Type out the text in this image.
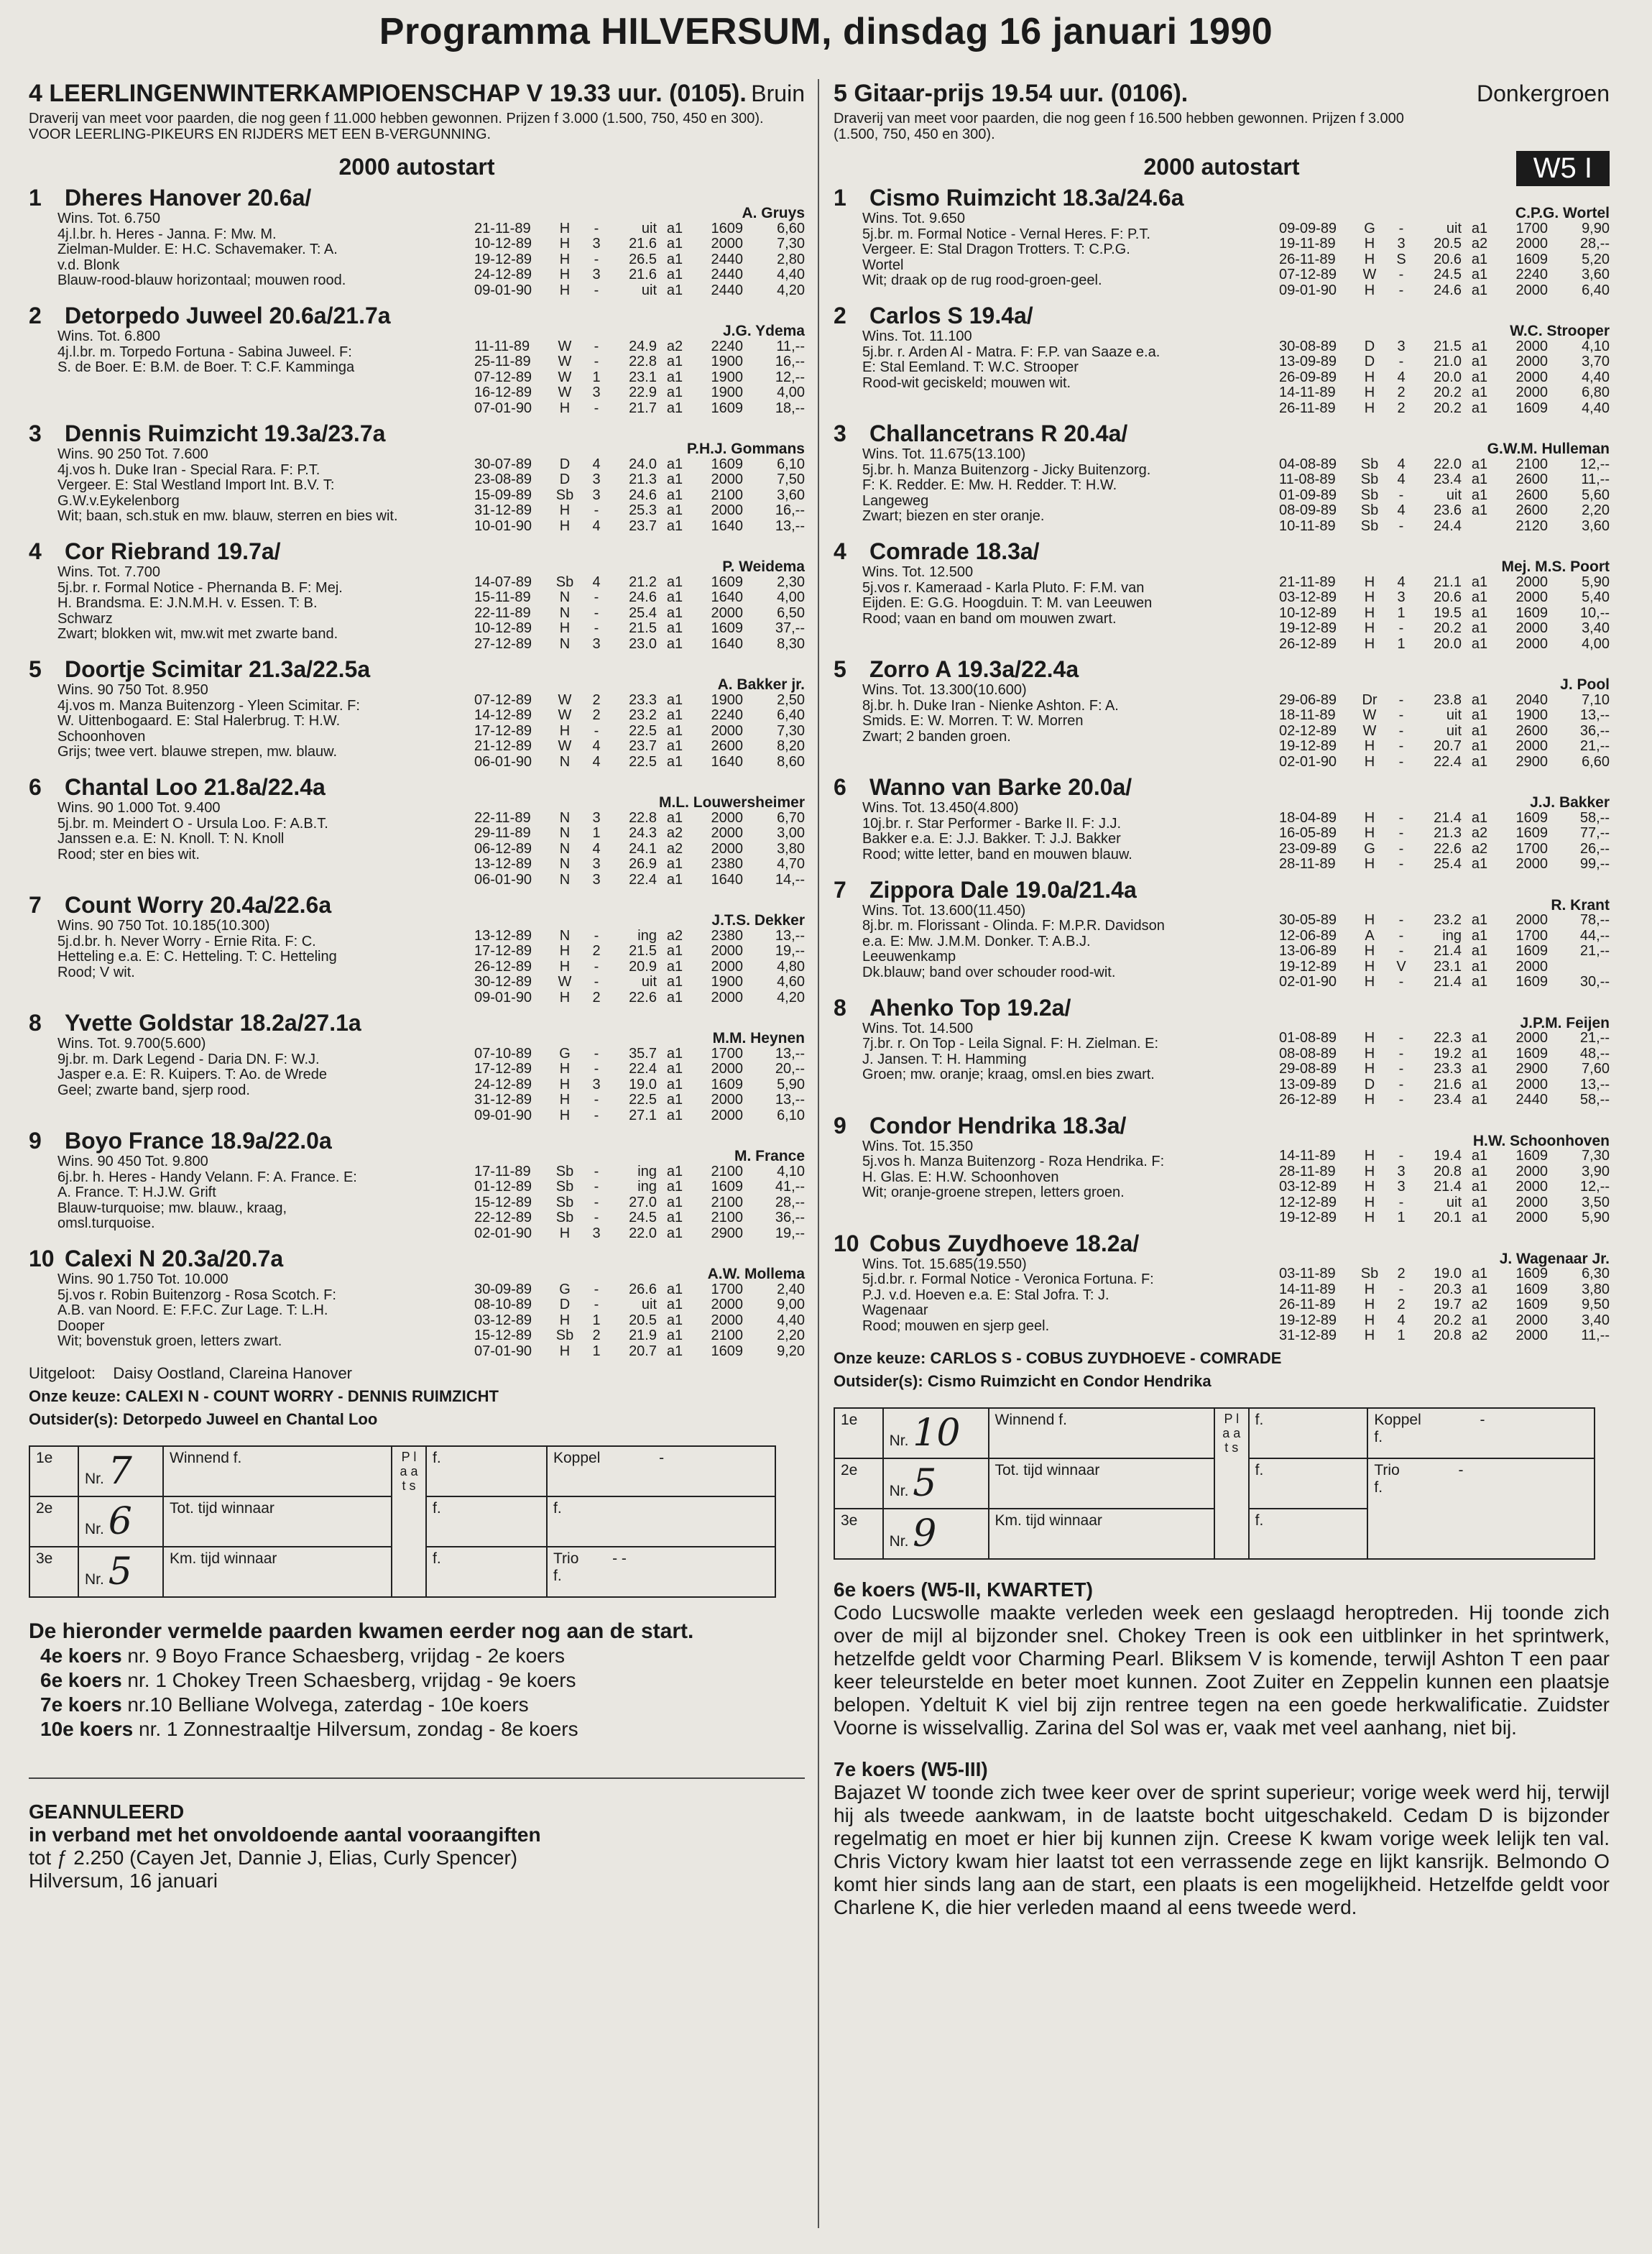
Programma HILVERSUM, dinsdag 16 januari 1990
Bruin
4 LEERLINGENWINTERKAMPIOENSCHAP V 19.33 uur. (0105).
Draverij van meet voor paarden, die nog geen f 11.000 hebben gewonnen. Prijzen f 3.000 (1.500, 750, 450 en 300). VOOR LEERLING-PIKEURS EN RIJDERS MET EEN B-VERGUNNING.
2000 autostart
1	Dheres Hanover 20.6a/
Wins. Tot. 6.750
4j.l.br. h. Heres - Janna. F: Mw. M.
Zielman-Mulder. E: H.C. Schavemaker. T: A.
v.d. Blonk
Blauw-rood-blauw horizontaal; mouwen rood.
A. Gruys
21-11-89	H	-	uit a1	1609	6,60
10-12-89	H	3	21.6 a1	2000	7,30
19-12-89	H	-	26.5 a1	2440	2,80
24-12-89	H	3	21.6 a1	2440	4,40
09-01-90	H	-	uit a1	2440	4,20
2	Detorpedo Juweel 20.6a/21.7a
Wins. Tot. 6.800
4j.l.br. m. Torpedo Fortuna - Sabina Juweel. F:
S. de Boer. E: B.M. de Boer. T: C.F. Kamminga
J.G. Ydema
11-11-89	W	-	24.9 a2	2240	11,--
25-11-89	W	-	22.8 a1	1900	16,--
07-12-89	W	1	23.1 a1	1900	12,--
16-12-89	W	3	22.9 a1	1900	4,00
07-01-90	H	-	21.7 a1	1609	18,--
3	Dennis Ruimzicht 19.3a/23.7a
Wins. 90 250 Tot. 7.600
4j.vos h. Duke Iran - Special Rara. F: P.T.
Vergeer. E: Stal Westland Import Int. B.V. T:
G.W.v.Eykelenborg
Wit; baan, sch.stuk en mw. blauw, sterren en bies wit.
P.H.J. Gommans
30-07-89	D	4	24.0 a1	1609	6,10
23-08-89	D	3	21.3 a1	2000	7,50
15-09-89	Sb	3	24.6 a1	2100	3,60
31-12-89	H	-	25.3 a1	2000	16,--
10-01-90	H	4	23.7 a1	1640	13,--
4	Cor Riebrand 19.7a/
Wins. Tot. 7.700
5j.br. r. Formal Notice - Phernanda B. F: Mej.
H. Brandsma. E: J.N.M.H. v. Essen. T: B.
Schwarz
Zwart; blokken wit, mw.wit met zwarte band.
P. Weidema
14-07-89	Sb	4	21.2 a1	1609	2,30
15-11-89	N	-	24.6 a1	1640	4,00
22-11-89	N	-	25.4 a1	2000	6,50
10-12-89	H	-	21.5 a1	1609	37,--
27-12-89	N	3	23.0 a1	1640	8,30
5	Doortje Scimitar 21.3a/22.5a
Wins. 90 750 Tot. 8.950
4j.vos m. Manza Buitenzorg - Yleen Scimitar. F:
W. Uittenbogaard. E: Stal Halerbrug. T: H.W.
Schoonhoven
Grijs; twee vert. blauwe strepen, mw. blauw.
A. Bakker jr.
07-12-89	W	2	23.3 a1	1900	2,50
14-12-89	W	2	23.2 a1	2240	6,40
17-12-89	H	-	22.5 a1	2000	7,30
21-12-89	W	4	23.7 a1	2600	8,20
06-01-90	N	4	22.5 a1	1640	8,60
6	Chantal Loo 21.8a/22.4a
Wins. 90 1.000 Tot. 9.400
5j.br. m. Meindert O - Ursula Loo. F: A.B.T.
Janssen e.a. E: N. Knoll. T: N. Knoll
Rood; ster en bies wit.
M.L. Louwersheimer
22-11-89	N	3	22.8 a1	2000	6,70
29-11-89	N	1	24.3 a2	2000	3,00
06-12-89	N	4	24.1 a2	2000	3,80
13-12-89	N	3	26.9 a1	2380	4,70
06-01-90	N	3	22.4 a1	1640	14,--
7	Count Worry 20.4a/22.6a
Wins. 90 750 Tot. 10.185(10.300)
5j.d.br. h. Never Worry - Ernie Rita. F: C.
Hetteling e.a. E: C. Hetteling. T: C. Hetteling
Rood; V wit.
J.T.S. Dekker
13-12-89	N	-	ing a2	2380	13,--
17-12-89	H	2	21.5 a1	2000	19,--
26-12-89	H	-	20.9 a1	2000	4,80
30-12-89	W	-	uit a1	1900	4,60
09-01-90	H	2	22.6 a1	2000	4,20
8	Yvette Goldstar 18.2a/27.1a
Wins. Tot. 9.700(5.600)
9j.br. m. Dark Legend - Daria DN. F: W.J.
Jasper e.a. E: R. Kuipers. T: Ao. de Wrede
Geel; zwarte band, sjerp rood.
M.M. Heynen
07-10-89	G	-	35.7 a1	1700	13,--
17-12-89	H	-	22.4 a1	2000	20,--
24-12-89	H	3	19.0 a1	1609	5,90
31-12-89	H	-	22.5 a1	2000	13,--
09-01-90	H	-	27.1 a1	2000	6,10
9	Boyo France 18.9a/22.0a
Wins. 90 450 Tot. 9.800
6j.br. h. Heres - Handy Velann. F: A. France. E:
A. France. T: H.J.W. Grift
Blauw-turquoise; mw. blauw., kraag,
omsl.turquoise.
M. France
17-11-89	Sb	-	ing a1	2100	4,10
01-12-89	Sb	-	ing a1	1609	41,--
15-12-89	Sb	-	27.0 a1	2100	28,--
22-12-89	Sb	-	24.5 a1	2100	36,--
02-01-90	H	3	22.0 a1	2900	19,--
10 Calexi N 20.3a/20.7a
Wins. 90 1.750 Tot. 10.000
5j.vos r. Robin Buitenzorg - Rosa Scotch. F:
A.B. van Noord. E: F.F.C. Zur Lage. T: L.H.
Dooper
Wit; bovenstuk groen, letters zwart.
A.W. Mollema
30-09-89	G	-	26.6 a1	1700	2,40
08-10-89	D	-	uit a1	2000	9,00
03-12-89	H	1	20.5 a1	2000	4,40
15-12-89	Sb	2	21.9 a1	2100	2,20
07-01-90	H	1	20.7 a1	1609	9,20
Uitgeloot: Daisy Oostland, Clareina Hanover
Onze keuze: CALEXI N - COUNT WORRY - DENNIS RUIMZICHT
Outsider(s): Detorpedo Juweel en Chantal Loo
1e	Nr. 7	Winnend f.	P l a a t s	f.	Koppel -
2e	Nr. 6	Tot. tijd winnaar		f.	f.
3e	Nr. 5	Km. tijd winnaar		f.	Trio - -
f.
De hieronder vermelde paarden kwamen eerder nog aan de start.
4e koers nr. 9 Boyo France Schaesberg, vrijdag - 2e koers
6e koers nr. 1 Chokey Treen Schaesberg, vrijdag - 9e koers
7e koers nr.10 Belliane Wolvega, zaterdag - 10e koers
10e koers nr. 1 Zonnestraaltje Hilversum, zondag - 8e koers
GEANNULEERD
in verband met het onvoldoende aantal vooraangiften
tot ƒ 2.250 (Cayen Jet, Dannie J, Elias, Curly Spencer)
Hilversum, 16 januari
Donkergroen
5 Gitaar-prijs 19.54 uur. (0106).
Draverij van meet voor paarden, die nog geen f 16.500 hebben gewonnen. Prijzen f 3.000 (1.500, 750, 450 en 300).
W5 I
2000 autostart
1	Cismo Ruimzicht 18.3a/24.6a
Wins. Tot. 9.650
5j.br. m. Formal Notice - Vernal Heres. F: P.T.
Vergeer. E: Stal Dragon Trotters. T: C.P.G.
Wortel
Wit; draak op de rug rood-groen-geel.
C.P.G. Wortel
09-09-89	G	-	uit a1	1700	9,90
19-11-89	H	3	20.5 a2	2000	28,--
26-11-89	H	S	20.6 a1	1609	5,20
07-12-89	W	-	24.5 a1	2240	3,60
09-01-90	H	-	24.6 a1	2000	6,40
2	Carlos S 19.4a/
Wins. Tot. 11.100
5j.br. r. Arden Al - Matra. F: F.P. van Saaze e.a.
E: Stal Eemland. T: W.C. Strooper
Rood-wit geciskeld; mouwen wit.
W.C. Strooper
30-08-89	D	3	21.5 a1	2000	4,10
13-09-89	D	-	21.0 a1	2000	3,70
26-09-89	H	4	20.0 a1	2000	4,40
14-11-89	H	2	20.2 a1	2000	6,80
26-11-89	H	2	20.2 a1	1609	4,40
3	Challancetrans R 20.4a/
Wins. Tot. 11.675(13.100)
5j.br. h. Manza Buitenzorg - Jicky Buitenzorg.
F: K. Redder. E: Mw. H. Redder. T: H.W.
Langeweg
Zwart; biezen en ster oranje.
G.W.M. Hulleman
04-08-89	Sb	4	22.0 a1	2100	12,--
11-08-89	Sb	4	23.4 a1	2600	11,--
01-09-89	Sb	-	uit a1	2600	5,60
08-09-89	Sb	4	23.6 a1	2600	2,20
10-11-89	Sb	-	24.4	2120	3,60
4	Comrade 18.3a/
Wins. Tot. 12.500
5j.vos r. Kameraad - Karla Pluto. F: F.M. van
Eijden. E: G.G. Hoogduin. T: M. van Leeuwen
Rood; vaan en band om mouwen zwart.
Mej. M.S. Poort
21-11-89	H	4	21.1 a1	2000	5,90
03-12-89	H	3	20.6 a1	2000	5,40
10-12-89	H	1	19.5 a1	1609	10,--
19-12-89	H	-	20.2 a1	2000	3,40
26-12-89	H	1	20.0 a1	2000	4,00
5	Zorro A 19.3a/22.4a
Wins. Tot. 13.300(10.600)
8j.br. h. Duke Iran - Nienke Ashton. F: A.
Smids. E: W. Morren. T: W. Morren
Zwart; 2 banden groen.
J. Pool
29-06-89	Dr	-	23.8 a1	2040	7,10
18-11-89	W	-	uit a1	1900	13,--
02-12-89	W	-	uit a1	2600	36,--
19-12-89	H	-	20.7 a1	2000	21,--
02-01-90	H	-	22.4 a1	2900	6,60
6	Wanno van Barke 20.0a/
Wins. Tot. 13.450(4.800)
10j.br. r. Star Performer - Barke II. F: J.J.
Bakker e.a. E: J.J. Bakker. T: J.J. Bakker
Rood; witte letter, band en mouwen blauw.
J.J. Bakker
18-04-89	H	-	21.4 a1	1609	58,--
16-05-89	H	-	21.3 a2	1609	77,--
23-09-89	G	-	22.6 a2	1700	26,--
28-11-89	H	-	25.4 a1	2000	99,--
7	Zippora Dale 19.0a/21.4a
Wins. Tot. 13.600(11.450)
8j.br. m. Florissant - Olinda. F: M.P.R. Davidson
e.a. E: Mw. J.M.M. Donker. T: A.B.J.
Leeuwenkamp
Dk.blauw; band over schouder rood-wit.
R. Krant
30-05-89	H	-	23.2 a1	2000	78,--
12-06-89	A	-	ing a1	1700	44,--
13-06-89	H	-	21.4 a1	1609	21,--
19-12-89	H	V	23.1 a1	2000
02-01-90	H	-	21.4 a1	1609	30,--
8	Ahenko Top 19.2a/
Wins. Tot. 14.500
7j.br. r. On Top - Leila Signal. F: H. Zielman. E:
J. Jansen. T: H. Hamming
Groen; mw. oranje; kraag, omsl.en bies zwart.
J.P.M. Feijen
01-08-89	H	-	22.3 a1	2000	21,--
08-08-89	H	-	19.2 a1	1609	48,--
29-08-89	H	-	23.3 a1	2900	7,60
13-09-89	D	-	21.6 a1	2000	13,--
26-12-89	H	-	23.4 a1	2440	58,--
9	Condor Hendrika 18.3a/
Wins. Tot. 15.350
5j.vos h. Manza Buitenzorg - Roza Hendrika. F:
H. Glas. E: H.W. Schoonhoven
Wit; oranje-groene strepen, letters groen.
H.W. Schoonhoven
14-11-89	H	-	19.4 a1	1609	7,30
28-11-89	H	3	20.8 a1	2000	3,90
03-12-89	H	3	21.4 a1	2000	12,--
12-12-89	H	-	uit a1	2000	3,50
19-12-89	H	1	20.1 a1	2000	5,90
10 Cobus Zuydhoeve 18.2a/
Wins. Tot. 15.685(19.550)
5j.d.br. r. Formal Notice - Veronica Fortuna. F:
P.J. v.d. Hoeven e.a. E: Stal Jofra. T: J.
Wagenaar
Rood; mouwen en sjerp geel.
J. Wagenaar Jr.
03-11-89	Sb	2	19.0 a1	1609	6,30
14-11-89	H	-	20.3 a1	1609	3,80
26-11-89	H	2	19.7 a2	1609	9,50
19-12-89	H	4	20.2 a1	2000	3,40
31-12-89	H	1	20.8 a2	2000	11,--
Onze keuze: CARLOS S - COBUS ZUYDHOEVE - COMRADE
Outsider(s): Cismo Ruimzicht en Condor Hendrika
1e	Nr. 10	Winnend f.	P l a a t s	f.	Koppel -
f.
2e	Nr. 5	Tot. tijd winnaar		f.	Trio -
f.
3e	Nr. 9	Km. tijd winnaar		f.	
6e koers (W5-II, KWARTET)
Codo Lucswolle maakte verleden week een geslaagd heroptreden. Hij toonde zich over de mijl al bijzonder snel. Chokey Treen is ook een uitblinker in het sprintwerk, hetzelfde geldt voor Charming Pearl. Bliksem V is komende, terwijl Ashton T een paar keer teleurstelde en beter moet kunnen. Zoot Zuiter en Zeppelin kunnen een plaatsje belopen. Ydeltuit K viel bij zijn rentree tegen na een goede herkwalificatie. Zuidster Voorne is wisselvallig. Zarina del Sol was er, vaak met veel aanhang, niet bij.
7e koers (W5-III)
Bajazet W toonde zich twee keer over de sprint superieur; vorige week werd hij, terwijl hij als tweede aankwam, in de laatste bocht uitgeschakeld. Cedam D is bijzonder regelmatig en moet er hier bij kunnen zijn. Creese K kwam vorige week lelijk ten val. Chris Victory kwam hier laatst tot een verrassende zege en lijkt kansrijk. Belmondo O komt hier sinds lang aan de start, een plaats is een mogelijkheid. Hetzelfde geldt voor Charlene K, die hier verleden maand al eens tweede werd.
